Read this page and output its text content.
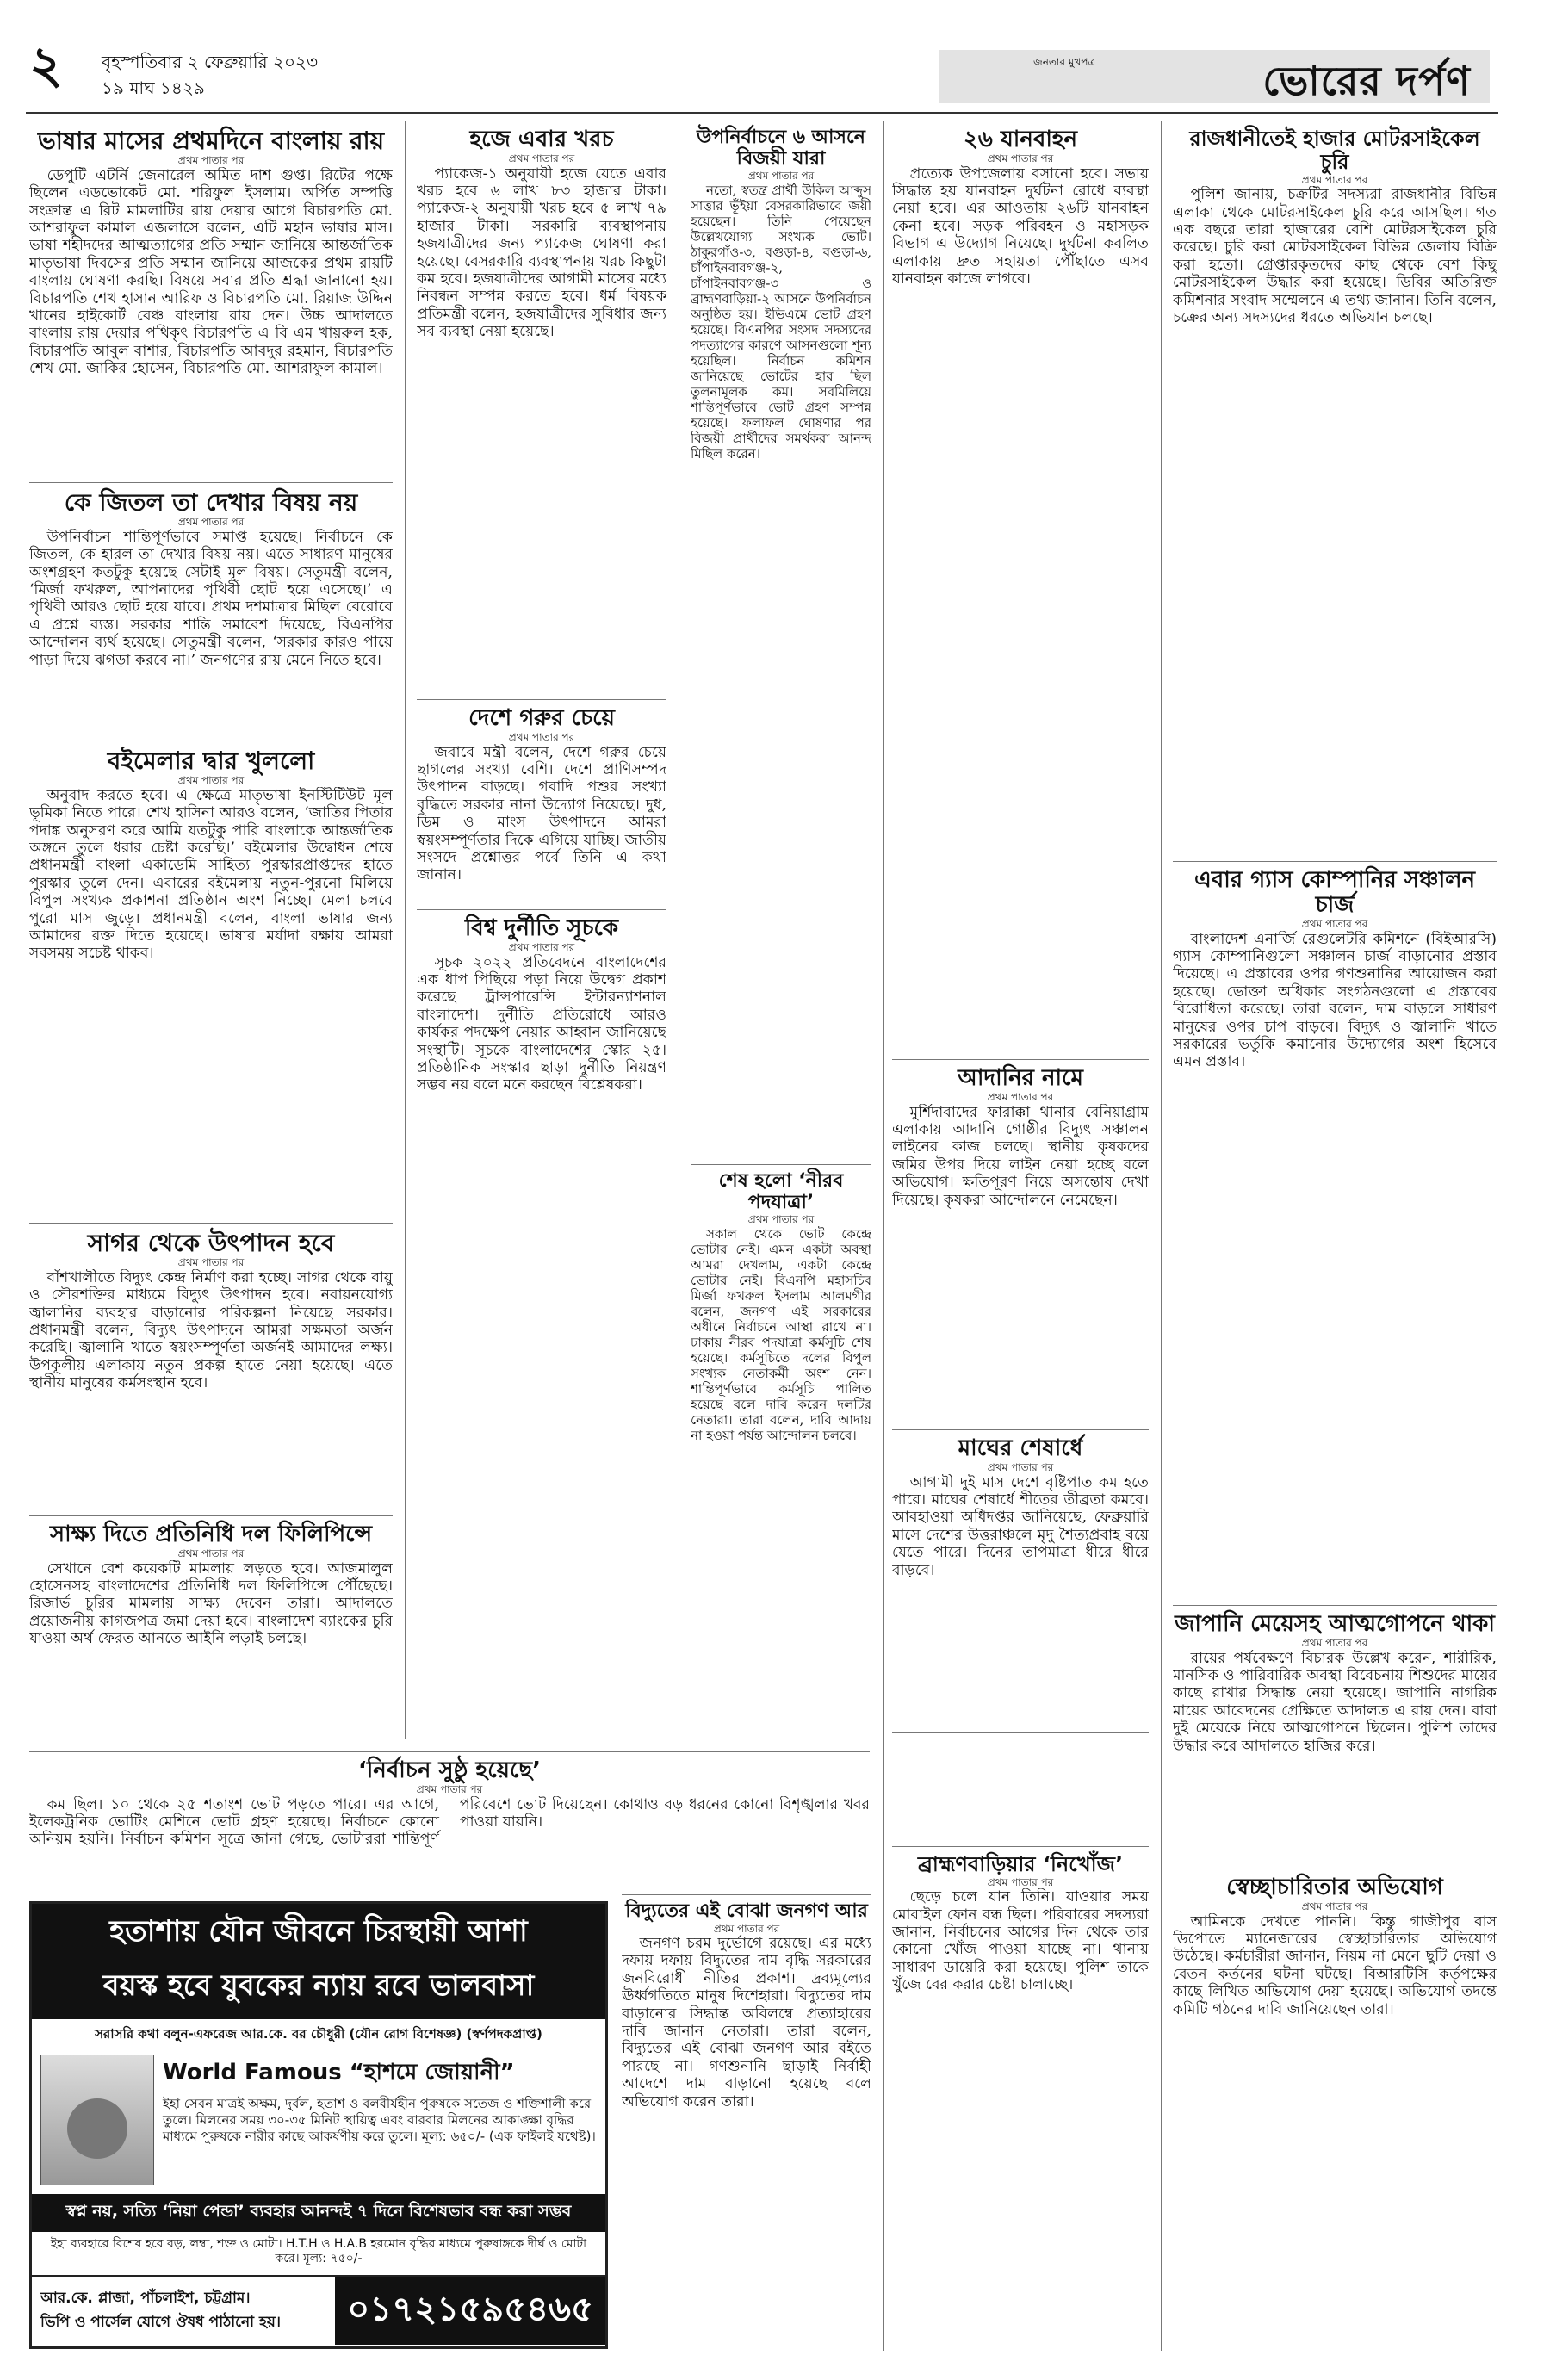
২ বৃহস্পতিবার ২ ফেব্রুয়ারি ২০২৩
১৯ মাঘ ১৪২৯
জনতার মুখপত্র	ভোরের দর্পণ
ভাষার মাসের প্রথমদিনে বাংলায় রায়
প্রথম পাতার পর

ডেপুটি এটর্নি জেনারেল অমিত দাশ গুপ্ত। রিটের পক্ষে ছিলেন এডভোকেট মো. শরিফুল ইসলাম। অর্পিত সম্পত্তি সংক্রান্ত এ রিট মামলাটির রায় দেয়ার আগে বিচারপতি মো. আশরাফুল কামাল এজলাসে বলেন, এটি মহান ভাষার মাস। ভাষা শহীদদের আত্মত্যাগের প্রতি সম্মান জানিয়ে আন্তর্জাতিক মাতৃভাষা দিবসের প্রতি সম্মান জানিয়ে আজকের প্রথম রায়টি বাংলায় ঘোষণা করছি। বিষয়ে সবার প্রতি শ্রদ্ধা জানানো হয়। বিচারপতি শেখ হাসান আরিফ ও বিচারপতি মো. রিয়াজ উদ্দিন খানের হাইকোর্ট বেঞ্চ বাংলায় রায় দেন। উচ্চ আদালতে বাংলায় রায় দেয়ার পথিকৃৎ বিচারপতি এ বি এম খায়রুল হক, বিচারপতি আবুল বাশার, বিচারপতি আবদুর রহমান, বিচারপতি শেখ মো. জাকির হোসেন, বিচারপতি মো. আশরাফুল কামাল।

কে জিতল তা দেখার বিষয় নয়
প্রথম পাতার পর

উপনির্বাচন শান্তিপূর্ণভাবে সমাপ্ত হয়েছে। নির্বাচনে কে জিতল, কে হারল তা দেখার বিষয় নয়। এতে সাধারণ মানুষের অংশগ্রহণ কতটুকু হয়েছে সেটাই মূল বিষয়। সেতুমন্ত্রী বলেন, ‘মির্জা ফখরুল, আপনাদের পৃথিবী ছোট হয়ে এসেছে।’ এ পৃথিবী আরও ছোট হয়ে যাবে। প্রথম দশমাত্রার মিছিল বেরোবে এ প্রশ্নে ব্যস্ত। সরকার শান্তি সমাবেশ দিয়েছে, বিএনপির আন্দোলন ব্যর্থ হয়েছে। সেতুমন্ত্রী বলেন, ‘সরকার কারও পায়ে পাড়া দিয়ে ঝগড়া করবে না।’ জনগণের রায় মেনে নিতে হবে।

বইমেলার দ্বার খুললো
প্রথম পাতার পর

অনুবাদ করতে হবে। এ ক্ষেত্রে মাতৃভাষা ইনস্টিটিউট মূল ভূমিকা নিতে পারে। শেখ হাসিনা আরও বলেন, ‘জাতির পিতার পদাঙ্ক অনুসরণ করে আমি যতটুকু পারি বাংলাকে আন্তর্জাতিক অঙ্গনে তুলে ধরার চেষ্টা করেছি।’ বইমেলার উদ্বোধন শেষে প্রধানমন্ত্রী বাংলা একাডেমি সাহিত্য পুরস্কারপ্রাপ্তদের হাতে পুরস্কার তুলে দেন। এবারের বইমেলায় নতুন-পুরনো মিলিয়ে বিপুল সংখ্যক প্রকাশনা প্রতিষ্ঠান অংশ নিচ্ছে। মেলা চলবে পুরো মাস জুড়ে। প্রধানমন্ত্রী বলেন, বাংলা ভাষার জন্য আমাদের রক্ত দিতে হয়েছে। ভাষার মর্যাদা রক্ষায় আমরা সবসময় সচেষ্ট থাকব।

সাগর থেকে উৎপাদন হবে
প্রথম পাতার পর

বাঁশখালীতে বিদ্যুৎ কেন্দ্র নির্মাণ করা হচ্ছে। সাগর থেকে বায়ু ও সৌরশক্তির মাধ্যমে বিদ্যুৎ উৎপাদন হবে। নবায়নযোগ্য জ্বালানির ব্যবহার বাড়ানোর পরিকল্পনা নিয়েছে সরকার। প্রধানমন্ত্রী বলেন, বিদ্যুৎ উৎপাদনে আমরা সক্ষমতা অর্জন করেছি। জ্বালানি খাতে স্বয়ংসম্পূর্ণতা অর্জনই আমাদের লক্ষ্য। উপকূলীয় এলাকায় নতুন প্রকল্প হাতে নেয়া হয়েছে। এতে স্থানীয় মানুষের কর্মসংস্থান হবে।

সাক্ষ্য দিতে প্রতিনিধি দল ফিলিপিন্সে
প্রথম পাতার পর

সেখানে বেশ কয়েকটি মামলায় লড়তে হবে। আজমালুল হোসেনসহ বাংলাদেশের প্রতিনিধি দল ফিলিপিন্সে পৌঁছেছে। রিজার্ভ চুরির মামলায় সাক্ষ্য দেবেন তারা। আদালতে প্রয়োজনীয় কাগজপত্র জমা দেয়া হবে। বাংলাদেশ ব্যাংকের চুরি যাওয়া অর্থ ফেরত আনতে আইনি লড়াই চলছে।

‘নির্বাচন সুষ্ঠু হয়েছে’
প্রথম পাতার পর

কম ছিল। ১০ থেকে ২৫ শতাংশ ভোট পড়তে পারে। এর আগে, ইলেকট্রনিক ভোটিং মেশিনে ভোট গ্রহণ হয়েছে। নির্বাচনে কোনো অনিয়ম হয়নি। নির্বাচন কমিশন সূত্রে জানা গেছে, ভোটাররা শান্তিপূর্ণ পরিবেশে ভোট দিয়েছেন। কোথাও বড় ধরনের কোনো বিশৃঙ্খলার খবর পাওয়া যায়নি।

হজে এবার খরচ
প্রথম পাতার পর

প্যাকেজ-১ অনুযায়ী হজে যেতে এবার খরচ হবে ৬ লাখ ৮৩ হাজার টাকা। প্যাকেজ-২ অনুযায়ী খরচ হবে ৫ লাখ ৭৯ হাজার টাকা। সরকারি ব্যবস্থাপনায় হজযাত্রীদের জন্য প্যাকেজ ঘোষণা করা হয়েছে। বেসরকারি ব্যবস্থাপনায় খরচ কিছুটা কম হবে। হজযাত্রীদের আগামী মাসের মধ্যে নিবন্ধন সম্পন্ন করতে হবে। ধর্ম বিষয়ক প্রতিমন্ত্রী বলেন, হজযাত্রীদের সুবিধার জন্য সব ব্যবস্থা নেয়া হয়েছে।

দেশে গরুর চেয়ে
প্রথম পাতার পর

জবাবে মন্ত্রী বলেন, দেশে গরুর চেয়ে ছাগলের সংখ্যা বেশি। দেশে প্রাণিসম্পদ উৎপাদন বাড়ছে। গবাদি পশুর সংখ্যা বৃদ্ধিতে সরকার নানা উদ্যোগ নিয়েছে। দুধ, ডিম ও মাংস উৎপাদনে আমরা স্বয়ংসম্পূর্ণতার দিকে এগিয়ে যাচ্ছি। জাতীয় সংসদে প্রশ্নোত্তর পর্বে তিনি এ কথা জানান।

বিশ্ব দুর্নীতি সূচকে
প্রথম পাতার পর

সূচক ২০২২ প্রতিবেদনে বাংলাদেশের এক ধাপ পিছিয়ে পড়া নিয়ে উদ্বেগ প্রকাশ করেছে ট্রান্সপারেন্সি ইন্টারন্যাশনাল বাংলাদেশ। দুর্নীতি প্রতিরোধে আরও কার্যকর পদক্ষেপ নেয়ার আহ্বান জানিয়েছে সংস্থাটি। সূচকে বাংলাদেশের স্কোর ২৫। প্রতিষ্ঠানিক সংস্কার ছাড়া দুর্নীতি নিয়ন্ত্রণ সম্ভব নয় বলে মনে করছেন বিশ্লেষকরা।

উপনির্বাচনে ৬ আসনে বিজয়ী যারা
প্রথম পাতার পর

নতো, স্বতন্ত্র প্রার্থী উকিল আব্দুস সাত্তার ভূঁইয়া বেসরকারিভাবে জয়ী হয়েছেন। তিনি পেয়েছেন উল্লেখযোগ্য সংখ্যক ভোট। ঠাকুরগাঁও-৩, বগুড়া-৪, বগুড়া-৬, চাঁপাইনবাবগঞ্জ-২, চাঁপাইনবাবগঞ্জ-৩ ও ব্রাহ্মণবাড়িয়া-২ আসনে উপনির্বাচন অনুষ্ঠিত হয়। ইভিএমে ভোট গ্রহণ হয়েছে। বিএনপির সংসদ সদস্যদের পদত্যাগের কারণে আসনগুলো শূন্য হয়েছিল। নির্বাচন কমিশন জানিয়েছে ভোটের হার ছিল তুলনামূলক কম। সবমিলিয়ে শান্তিপূর্ণভাবে ভোট গ্রহণ সম্পন্ন হয়েছে। ফলাফল ঘোষণার পর বিজয়ী প্রার্থীদের সমর্থকরা আনন্দ মিছিল করেন।

শেষ হলো ‘নীরব পদযাত্রা’
প্রথম পাতার পর

সকাল থেকে ভোট কেন্দ্রে ভোটার নেই। এমন একটা অবস্থা আমরা দেখলাম, একটা কেন্দ্রে ভোটার নেই। বিএনপি মহাসচিব মির্জা ফখরুল ইসলাম আলমগীর বলেন, জনগণ এই সরকারের অধীনে নির্বাচনে আস্থা রাখে না। ঢাকায় নীরব পদযাত্রা কর্মসূচি শেষ হয়েছে। কর্মসূচিতে দলের বিপুল সংখ্যক নেতাকর্মী অংশ নেন। শান্তিপূর্ণভাবে কর্মসূচি পালিত হয়েছে বলে দাবি করেন দলটির নেতারা। তারা বলেন, দাবি আদায় না হওয়া পর্যন্ত আন্দোলন চলবে।

২৬ যানবাহন
প্রথম পাতার পর

প্রত্যেক উপজেলায় বসানো হবে। সভায় সিদ্ধান্ত হয় যানবাহন দুর্ঘটনা রোধে ব্যবস্থা নেয়া হবে। এর আওতায় ২৬টি যানবাহন কেনা হবে। সড়ক পরিবহন ও মহাসড়ক বিভাগ এ উদ্যোগ নিয়েছে। দুর্ঘটনা কবলিত এলাকায় দ্রুত সহায়তা পৌঁছাতে এসব যানবাহন কাজে লাগবে।

আদানির নামে
প্রথম পাতার পর

মুর্শিদাবাদের ফারাক্কা থানার বেনিয়াগ্রাম এলাকায় আদানি গোষ্ঠীর বিদ্যুৎ সঞ্চালন লাইনের কাজ চলছে। স্থানীয় কৃষকদের জমির উপর দিয়ে লাইন নেয়া হচ্ছে বলে অভিযোগ। ক্ষতিপূরণ নিয়ে অসন্তোষ দেখা দিয়েছে। কৃষকরা আন্দোলনে নেমেছেন।

মাঘের শেষার্ধে
প্রথম পাতার পর

আগামী দুই মাস দেশে বৃষ্টিপাত কম হতে পারে। মাঘের শেষার্ধে শীতের তীব্রতা কমবে। আবহাওয়া অধিদপ্তর জানিয়েছে, ফেব্রুয়ারি মাসে দেশের উত্তরাঞ্চলে মৃদু শৈত্যপ্রবাহ বয়ে যেতে পারে। দিনের তাপমাত্রা ধীরে ধীরে বাড়বে।

ব্রাহ্মণবাড়িয়ার ‘নিখোঁজ’
প্রথম পাতার পর

ছেড়ে চলে যান তিনি। যাওয়ার সময় মোবাইল ফোন বন্ধ ছিল। পরিবারের সদস্যরা জানান, নির্বাচনের আগের দিন থেকে তার কোনো খোঁজ পাওয়া যাচ্ছে না। থানায় সাধারণ ডায়েরি করা হয়েছে। পুলিশ তাকে খুঁজে বের করার চেষ্টা চালাচ্ছে।

রাজধানীতেই হাজার মোটরসাইকেল চুরি
প্রথম পাতার পর

পুলিশ জানায়, চক্রটির সদস্যরা রাজধানীর বিভিন্ন এলাকা থেকে মোটরসাইকেল চুরি করে আসছিল। গত এক বছরে তারা হাজারের বেশি মোটরসাইকেল চুরি করেছে। চুরি করা মোটরসাইকেল বিভিন্ন জেলায় বিক্রি করা হতো। গ্রেপ্তারকৃতদের কাছ থেকে বেশ কিছু মোটরসাইকেল উদ্ধার করা হয়েছে। ডিবির অতিরিক্ত কমিশনার সংবাদ সম্মেলনে এ তথ্য জানান। তিনি বলেন, চক্রের অন্য সদস্যদের ধরতে অভিযান চলছে।

এবার গ্যাস কোম্পানির সঞ্চালন চার্জ
প্রথম পাতার পর

বাংলাদেশ এনার্জি রেগুলেটরি কমিশনে (বিইআরসি) গ্যাস কোম্পানিগুলো সঞ্চালন চার্জ বাড়ানোর প্রস্তাব দিয়েছে। এ প্রস্তাবের ওপর গণশুনানির আয়োজন করা হয়েছে। ভোক্তা অধিকার সংগঠনগুলো এ প্রস্তাবের বিরোধিতা করেছে। তারা বলেন, দাম বাড়লে সাধারণ মানুষের ওপর চাপ বাড়বে। বিদ্যুৎ ও জ্বালানি খাতে সরকারের ভর্তুকি কমানোর উদ্যোগের অংশ হিসেবে এমন প্রস্তাব।

জাপানি মেয়েসহ আত্মগোপনে থাকা
প্রথম পাতার পর

রায়ের পর্যবেক্ষণে বিচারক উল্লেখ করেন, শারীরিক, মানসিক ও পারিবারিক অবস্থা বিবেচনায় শিশুদের মায়ের কাছে রাখার সিদ্ধান্ত নেয়া হয়েছে। জাপানি নাগরিক মায়ের আবেদনের প্রেক্ষিতে আদালত এ রায় দেন। বাবা দুই মেয়েকে নিয়ে আত্মগোপনে ছিলেন। পুলিশ তাদের উদ্ধার করে আদালতে হাজির করে।

স্বেচ্ছাচারিতার অভিযোগ
প্রথম পাতার পর

আমিনকে দেখতে পাননি। কিন্তু গাজীপুর বাস ডিপোতে ম্যানেজারের স্বেচ্ছাচারিতার অভিযোগ উঠেছে। কর্মচারীরা জানান, নিয়ম না মেনে ছুটি দেয়া ও বেতন কর্তনের ঘটনা ঘটছে। বিআরটিসি কর্তৃপক্ষের কাছে লিখিত অভিযোগ দেয়া হয়েছে। অভিযোগ তদন্তে কমিটি গঠনের দাবি জানিয়েছেন তারা।

বিদ্যুতের এই বোঝা জনগণ আর
প্রথম পাতার পর

জনগণ চরম দুর্ভোগে রয়েছে। এর মধ্যে দফায় দফায় বিদ্যুতের দাম বৃদ্ধি সরকারের জনবিরোধী নীতির প্রকাশ। দ্রব্যমূল্যের ঊর্ধ্বগতিতে মানুষ দিশেহারা। বিদ্যুতের দাম বাড়ানোর সিদ্ধান্ত অবিলম্বে প্রত্যাহারের দাবি জানান নেতারা। তারা বলেন, বিদ্যুতের এই বোঝা জনগণ আর বইতে পারছে না। গণশুনানি ছাড়াই নির্বাহী আদেশে দাম বাড়ানো হয়েছে বলে অভিযোগ করেন তারা।

হতাশায় যৌন জীবনে চিরস্থায়ী আশা
বয়স্ক হবে যুবকের ন্যায় রবে ভালবাসা
সরাসরি কথা বলুন-এফরেজ আর.কে. বর চৌধুরী (যৌন রোগ বিশেষজ্ঞ) (স্বর্ণপদকপ্রাপ্ত)
World Famous “হাশমে জোয়ানী”
ইহা সেবন মাত্রই অক্ষম, দুর্বল, হতাশ ও বলবীর্যহীন পুরুষকে সতেজ ও শক্তিশালী করে তুলে। মিলনের সময় ৩০-৩৫ মিনিট স্থায়িত্ব এবং বারবার মিলনের আকাঙ্ক্ষা বৃদ্ধির মাধ্যমে পুরুষকে নারীর কাছে আকর্ষণীয় করে তুলে। মূল্য: ৬৫০/- (এক ফাইলই যথেষ্ট)।
স্বপ্ন নয়, সত্যি ‘নিয়া পেন্ডা’ ব্যবহার আনন্দই ৭ দিনে বিশেষভাব বন্ধ করা সম্ভব
ইহা ব্যবহারে বিশেষ হবে বড়, লম্বা, শক্ত ও মোটা। H.T.H ও H.A.B হরমোন বৃদ্ধির মাধ্যমে পুরুষাঙ্গকে দীর্ঘ ও মোটা করে। মূল্য: ৭৫০/-
আর.কে. প্লাজা, পাঁচলাইশ, চট্টগ্রাম।
ভিপি ও পার্সেল যোগে ঔষধ পাঠানো হয়।	০১৭২১৫৯৫৪৬৫
